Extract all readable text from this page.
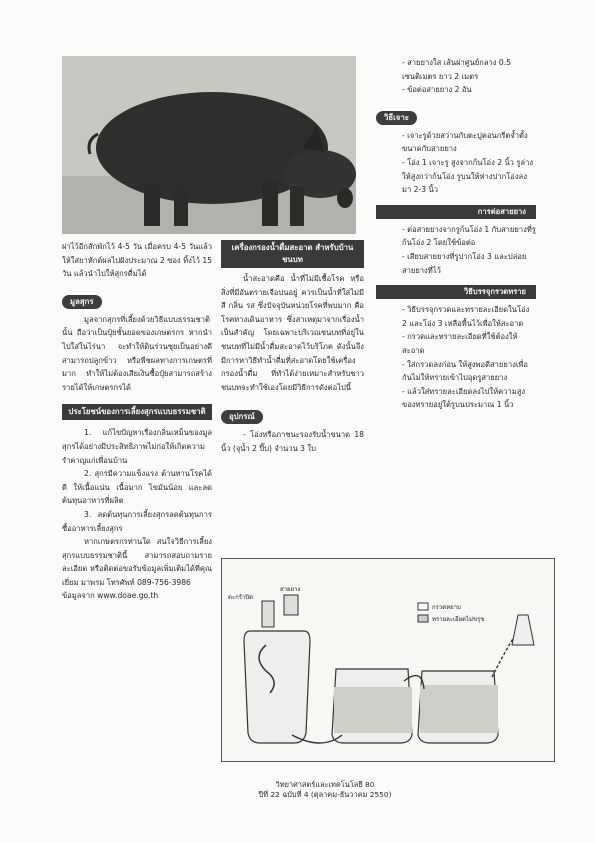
ฝาไว้อีกสักพักไว้ 4-5 วัน เมื่อครบ 4-5 วันแล้ว ให้ใส่ยาหักด์ผลไปฝังประมาณ 2 ซอง ทิ้งไว้ 15 วัน แล้วนำไปให้สุกรดื่มได้

มูลสุกร

มูลจากสุกรที่เลี้ยงด้วยวิธีแบบธรรมชาตินั้น ถือว่าเป็นปุ๋ยชั้นยอดของเกษตรกร หากนำไปใส่ในไร่นา จะทำให้ดินร่วนซุยเป็นอย่างดี สามารถปลูกข้าว หรือพืชผลทางการเกษตรที่มาก ทำให้ไม่ต้องเสียเงินซื้อปุ๋ยสามารถสร้างรายได้ให้เกษตรกรได้

ประโยชน์ของการเลี้ยงสุกรแบบธรรมชาติ

1. แก้ไขปัญหาเรื่องกลิ่นเหม็นของมูลสุกรได้อย่างมีประสิทธิภาพไม่ก่อให้เกิดความรำคาญแก่เพื่อนบ้าน

2. สุกรมีความแข็งแรง ต้านทานโรคได้ดี ให้เนื้อแน่น เนื้อมาก ไขมันน้อย และลดต้นทุนอาหารที่ผลิต

3. ลดต้นทุนการเลี้ยงสุกรลดต้นทุนการซื้ออาหารเลี้ยงสุกร

หากเกษตรกรท่านใด สนใจวิธีการเลี้ยงสุกรแบบธรรมชาตินี้ สามารถสอบถามรายละเอียด หรือติดต่อขอรับข้อมูลเพิ่มเติมได้ที่คุณเยี่ยม มาพรม โทรศัพท์ 089-756-3986

ข้อมูลจาก www.doae.go.th

เครื่องกรองน้ำดื่มสะอาด สำหรับบ้านชนบท

น้ำสะอาดคือ น้ำที่ไม่มีเชื้อโรค หรือสิ่งที่มีอันตรายเจือปนอยู่ ควรเป็นน้ำที่ใสไม่มีสี กลิ่น รส ซึ่งปัจจุบันหน่วยโรคที่พบมาก คือ โรคทางเดินอาหาร ซึ่งสาเหตุมาจากเรื่องน้ำเป็นสำคัญ โดยเฉพาะบริเวณชนบทที่อยู่ในชนบทที่ไม่มีน้ำดื่มสะอาดไว้บริโภค ดังนั้นจึงมีการหาวิธีทำน้ำดื่มที่สะอาดโดยใช้เครื่องกรองน้ำดื่ม ที่ทำได้ง่ายเหมาะสำหรับชาวชนบทจะทำใช้เองโดยมีวิธีการดังต่อไปนี้

อุปกรณ์

- โอ่งหรือภาชนะรองรับน้ำขนาด 18 นิ้ว (จุน้ำ 2 ปี๊บ) จำนวน 3 ใบ

- สายยางใส เส้นผ่าศูนย์กลาง 0.5 เซนติเมตร ยาว 2 เมตร

- ข้อต่อสายยาง 2 อัน

วิธีเจาะ

- เจาะรูด้วยสว่านกับตะปูคอนกรีตจ้ำตั้งขนาดกับสายยาง

- โอ่ง 1 เจาะรู สูงจากก้นโอ่ง 2 นิ้ว รูล่างให้สูงกว่าก้นโอ่ง รูบนให้ห่างปากโอ่งลงมา 2-3 นิ้ว

การต่อสายยาง

- ต่อสายยางจากรูก้นโอ่ง 1 กับสายยางที่รูก้นโอ่ง 2 โดยใช้ข้อต่อ

- เสียบสายยางที่รูปากโอ่ง 3 และปล่อยสายยางที่ไว้

วิธีบรรจุกรวดทราย

- วิธีบรรจุกรวดและทรายละเอียดในโอ่ง 2 และโอ่ง 3 เหลือพื้นไว้เพื่อให้สะอาด

- กรวดและทรายละเอียดที่ใช้ต้องให้สะอาด

- ใส่กรวดลงก่อน ให้สูงพอดีสายยางเพื่อกันไม่ให้ทรายเข้าไปอุดรูสายยาง

- แล้วใส่ทรายละเอียดลงไปให้ความสูงของทรายอยู่ใต้รูบนประมาณ 1 นิ้ว

ตะกร้าปิด
สายยาง
กรวดหยาบ
ทรายละเอียดไม่ขรุข
วิทยาศาสตร์และเทคโนโลยี 80
ปีที่ 22 ฉบับที่ 4 (ตุลาคม-ธันวาคม 2550)
